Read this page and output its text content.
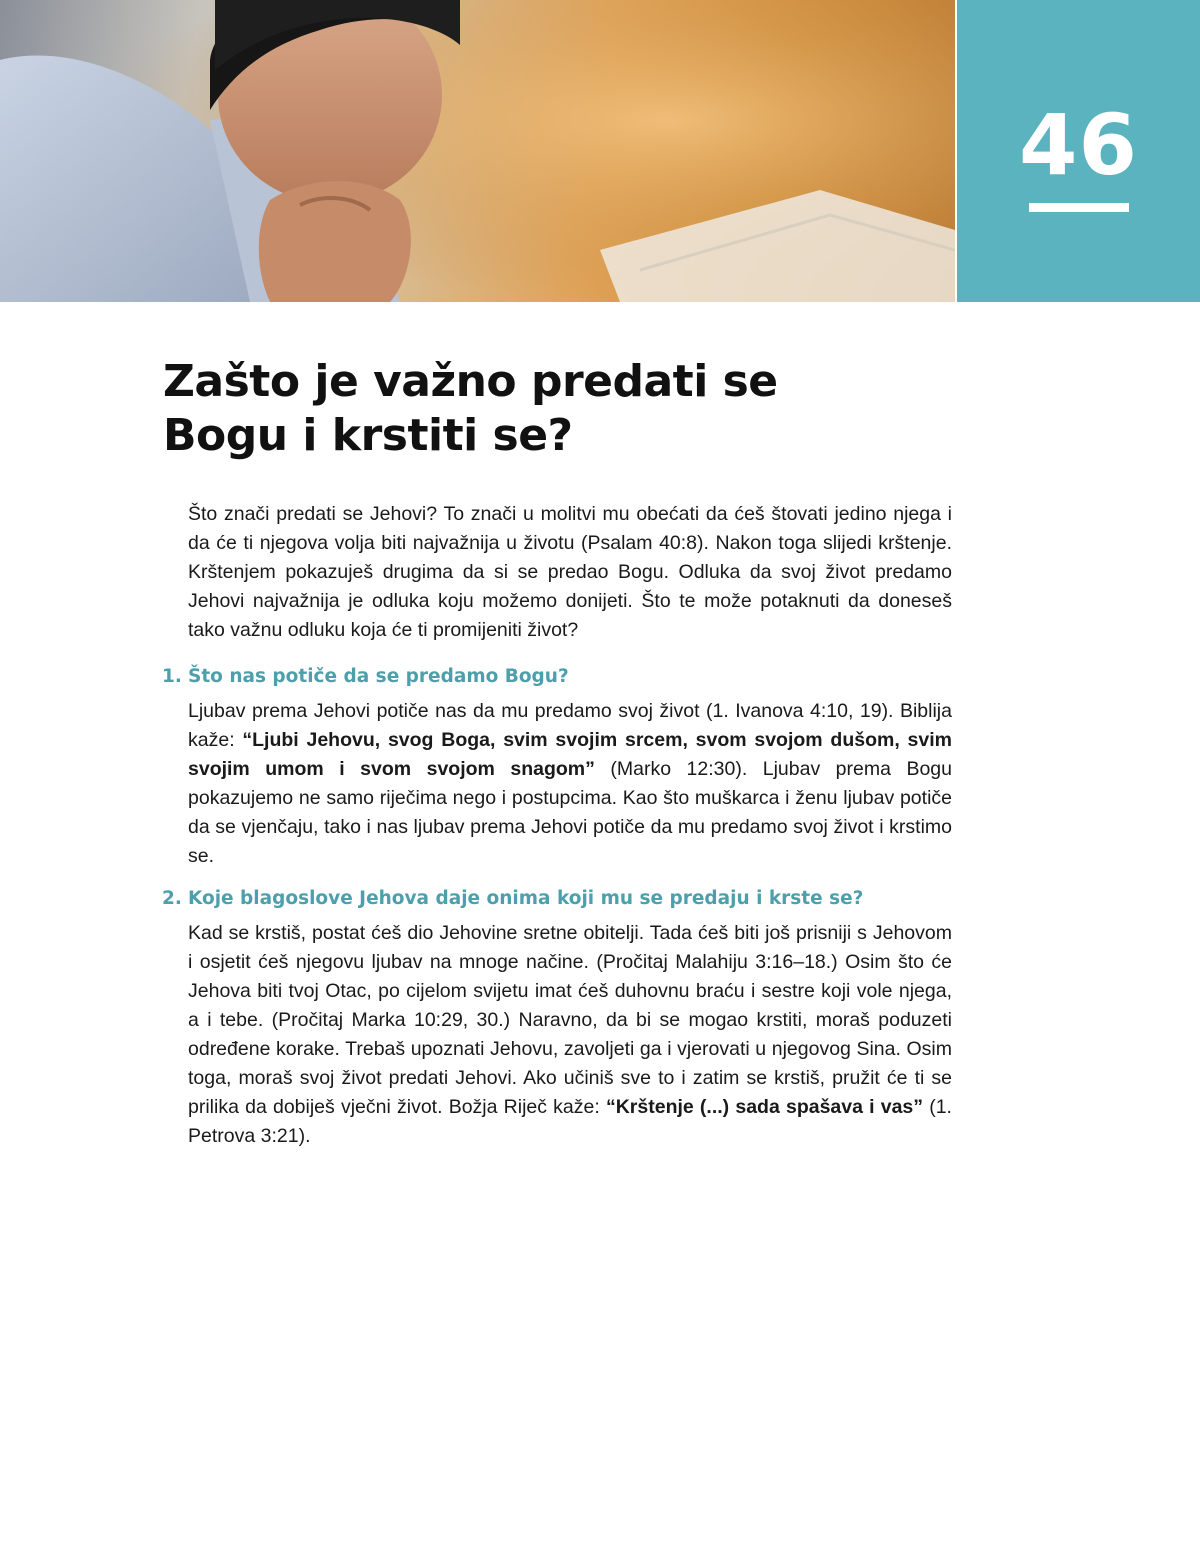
46
Zašto je važno predati se
Bogu i krstiti se?

Što znači predati se Jehovi? To znači u molitvi mu obećati da ćeš štovati jedino njega i da će ti njegova volja biti najvažnija u životu (Psalam 40:8). Nakon toga slijedi krštenje. Krštenjem pokazuješ drugima da si se predao Bogu. Odluka da svoj život predamo Jehovi najvažnija je odluka koju možemo donijeti. Što te može potaknuti da doneseš tako važnu odluku koja će ti promijeniti život?

1. Što nas potiče da se predamo Bogu?

Ljubav prema Jehovi potiče nas da mu predamo svoj život (1. Ivanova 4:10, 19). Biblija kaže: “Ljubi Jehovu, svog Boga, svim svojim srcem, svom svojom dušom, svim svojim umom i svom svojom snagom” (Marko 12:30). Ljubav prema Bogu pokazujemo ne samo riječima nego i postupcima. Kao što muškarca i ženu ljubav potiče da se vjenčaju, tako i nas ljubav prema Jehovi potiče da mu predamo svoj život i krstimo se.

2. Koje blagoslove Jehova daje onima koji mu se predaju i krste se?

Kad se krstiš, postat ćeš dio Jehovine sretne obitelji. Tada ćeš biti još prisniji s Jehovom i osjetit ćeš njegovu ljubav na mnoge načine. (Pročitaj Malahiju 3:16–18.) Osim što će Jehova biti tvoj Otac, po cijelom svijetu imat ćeš duhovnu braću i sestre koji vole njega, a i tebe. (Pročitaj Marka 10:29, 30.) Naravno, da bi se mogao krstiti, moraš poduzeti određene korake. Trebaš upoznati Jehovu, zavoljeti ga i vjerovati u njegovog Sina. Osim toga, moraš svoj život predati Jehovi. Ako učiniš sve to i zatim se krstiš, pružit će ti se prilika da dobiješ vječni život. Božja Riječ kaže: “Krštenje (...) sada spašava i vas” (1. Petrova 3:21).
